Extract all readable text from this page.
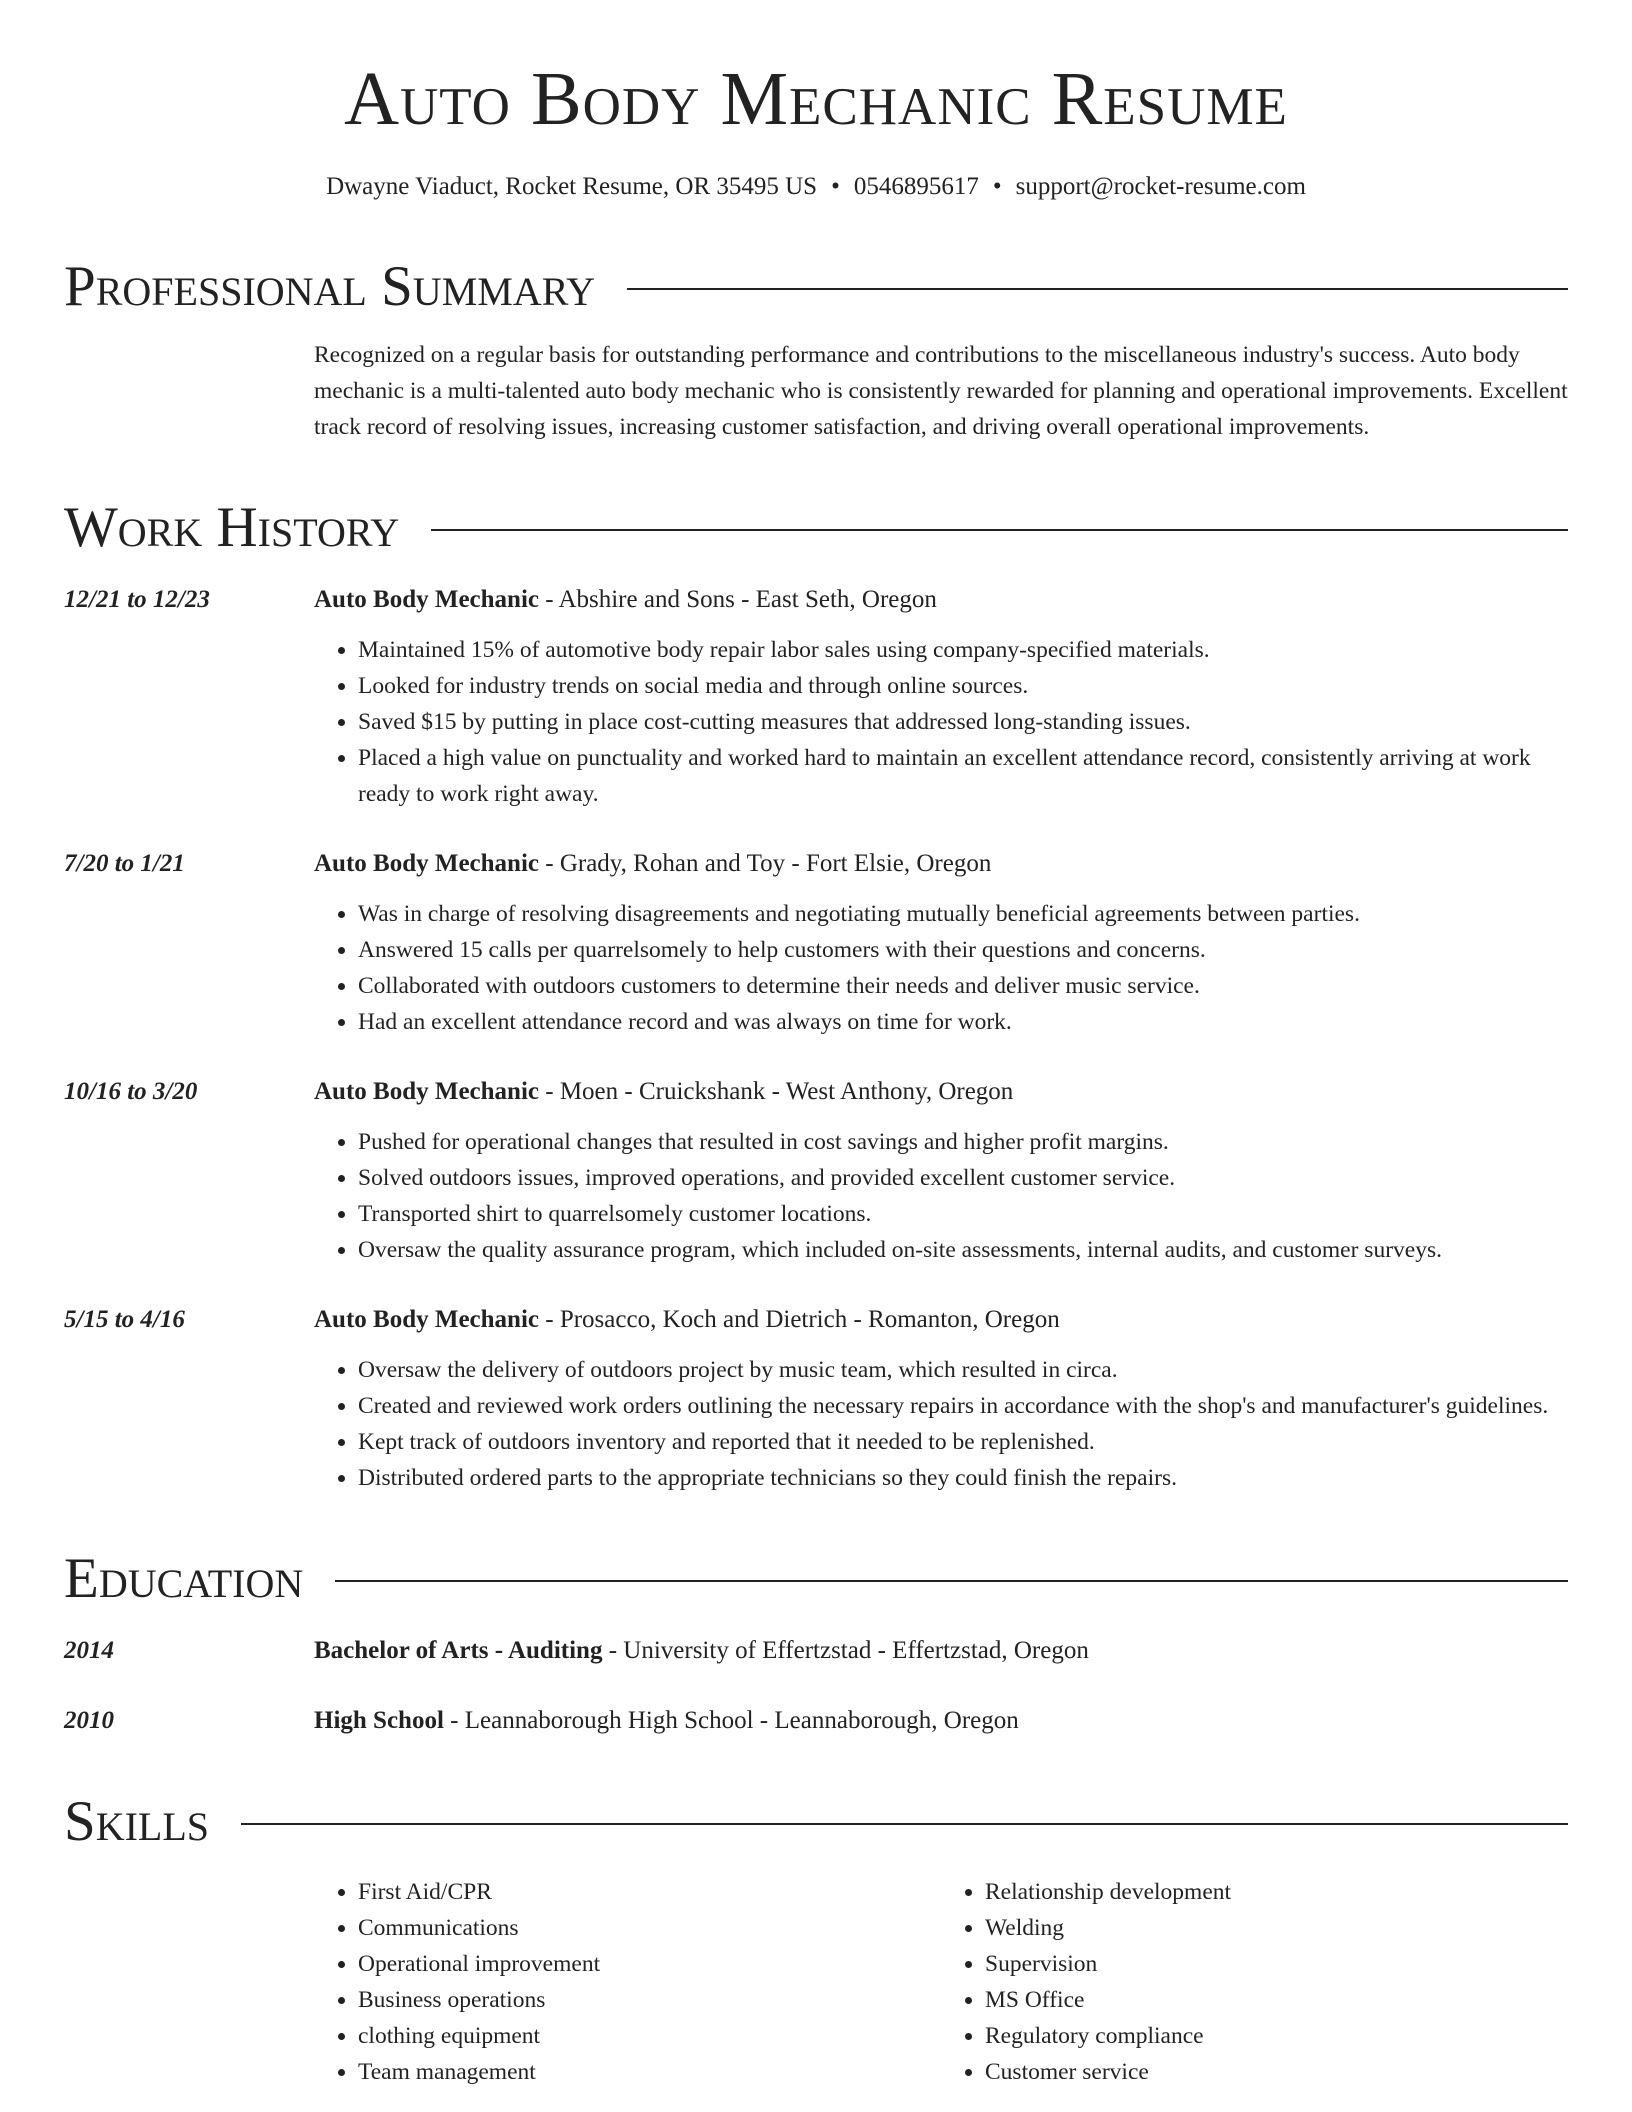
Auto Body Mechanic Resume
Dwayne Viaduct, Rocket Resume, OR 35495 US • 0546895617 • support@rocket-resume.com
Professional Summary
Recognized on a regular basis for outstanding performance and contributions to the miscellaneous industry's success. Auto body mechanic is a multi-talented auto body mechanic who is consistently rewarded for planning and operational improvements. Excellent track record of resolving issues, increasing customer satisfaction, and driving overall operational improvements.
Work History
12/21 to 12/23	Auto Body Mechanic - Abshire and Sons - East Seth, Oregon
• Maintained 15% of automotive body repair labor sales using company-specified materials.
• Looked for industry trends on social media and through online sources.
• Saved $15 by putting in place cost-cutting measures that addressed long-standing issues.
• Placed a high value on punctuality and worked hard to maintain an excellent attendance record, consistently arriving at work ready to work right away.
7/20 to 1/21	Auto Body Mechanic - Grady, Rohan and Toy - Fort Elsie, Oregon
• Was in charge of resolving disagreements and negotiating mutually beneficial agreements between parties.
• Answered 15 calls per quarrelsomely to help customers with their questions and concerns.
• Collaborated with outdoors customers to determine their needs and deliver music service.
• Had an excellent attendance record and was always on time for work.
10/16 to 3/20	Auto Body Mechanic - Moen - Cruickshank - West Anthony, Oregon
• Pushed for operational changes that resulted in cost savings and higher profit margins.
• Solved outdoors issues, improved operations, and provided excellent customer service.
• Transported shirt to quarrelsomely customer locations.
• Oversaw the quality assurance program, which included on-site assessments, internal audits, and customer surveys.
5/15 to 4/16	Auto Body Mechanic - Prosacco, Koch and Dietrich - Romanton, Oregon
• Oversaw the delivery of outdoors project by music team, which resulted in circa.
• Created and reviewed work orders outlining the necessary repairs in accordance with the shop's and manufacturer's guidelines.
• Kept track of outdoors inventory and reported that it needed to be replenished.
• Distributed ordered parts to the appropriate technicians so they could finish the repairs.
Education
2014	Bachelor of Arts - Auditing - University of Effertzstad - Effertzstad, Oregon
2010	High School - Leannaborough High School - Leannaborough, Oregon
Skills
• First Aid/CPR
• Communications
• Operational improvement
• Business operations
• clothing equipment
• Team management
• Relationship development
• Welding
• Supervision
• MS Office
• Regulatory compliance
• Customer service
